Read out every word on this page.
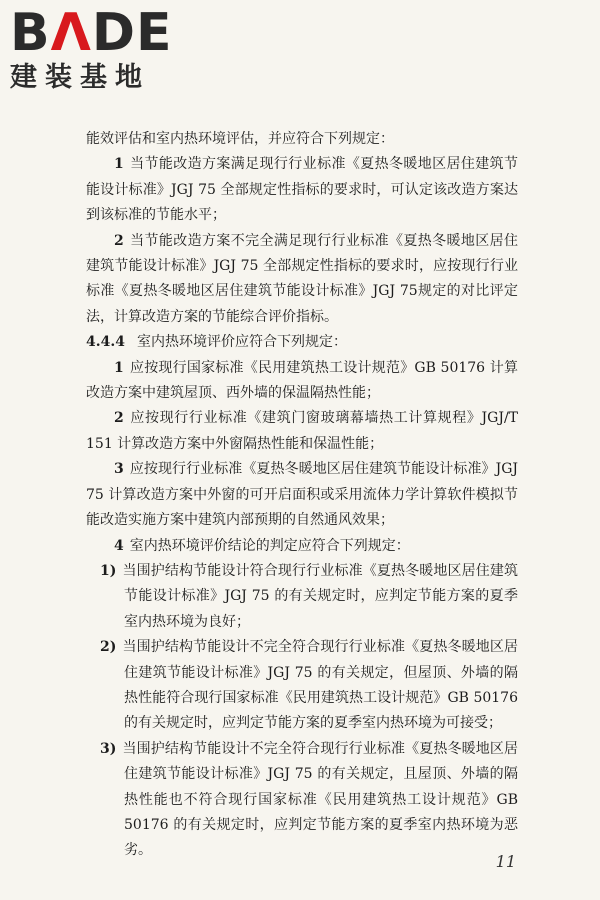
BΛDE
建装基地

能效评估和室内热环境评估，并应符合下列规定：

1 当节能改造方案满足现行行业标准《夏热冬暖地区居住建筑节能设计标准》JGJ 75 全部规定性指标的要求时，可认定该改造方案达到该标准的节能水平；

2 当节能改造方案不完全满足现行行业标准《夏热冬暖地区居住建筑节能设计标准》JGJ 75 全部规定性指标的要求时，应按现行行业标准《夏热冬暖地区居住建筑节能设计标准》JGJ 75规定的对比评定法，计算改造方案的节能综合评价指标。

4.4.4 室内热环境评价应符合下列规定：

1 应按现行国家标准《民用建筑热工设计规范》GB 50176 计算改造方案中建筑屋顶、西外墙的保温隔热性能；

2 应按现行行业标准《建筑门窗玻璃幕墙热工计算规程》JGJ/T 151 计算改造方案中外窗隔热性能和保温性能；

3 应按现行行业标准《夏热冬暖地区居住建筑节能设计标准》JGJ 75 计算改造方案中外窗的可开启面积或采用流体力学计算软件模拟节能改造实施方案中建筑内部预期的自然通风效果；

4 室内热环境评价结论的判定应符合下列规定：

1) 当围护结构节能设计符合现行行业标准《夏热冬暖地区居住建筑节能设计标准》JGJ 75 的有关规定时，应判定节能方案的夏季室内热环境为良好；

2) 当围护结构节能设计不完全符合现行行业标准《夏热冬暖地区居住建筑节能设计标准》JGJ 75 的有关规定，但屋顶、外墙的隔热性能符合现行国家标准《民用建筑热工设计规范》GB 50176 的有关规定时，应判定节能方案的夏季室内热环境为可接受；

3) 当围护结构节能设计不完全符合现行行业标准《夏热冬暖地区居住建筑节能设计标准》JGJ 75 的有关规定，且屋顶、外墙的隔热性能也不符合现行国家标准《民用建筑热工设计规范》GB 50176 的有关规定时，应判定节能方案的夏季室内热环境为恶劣。

11
